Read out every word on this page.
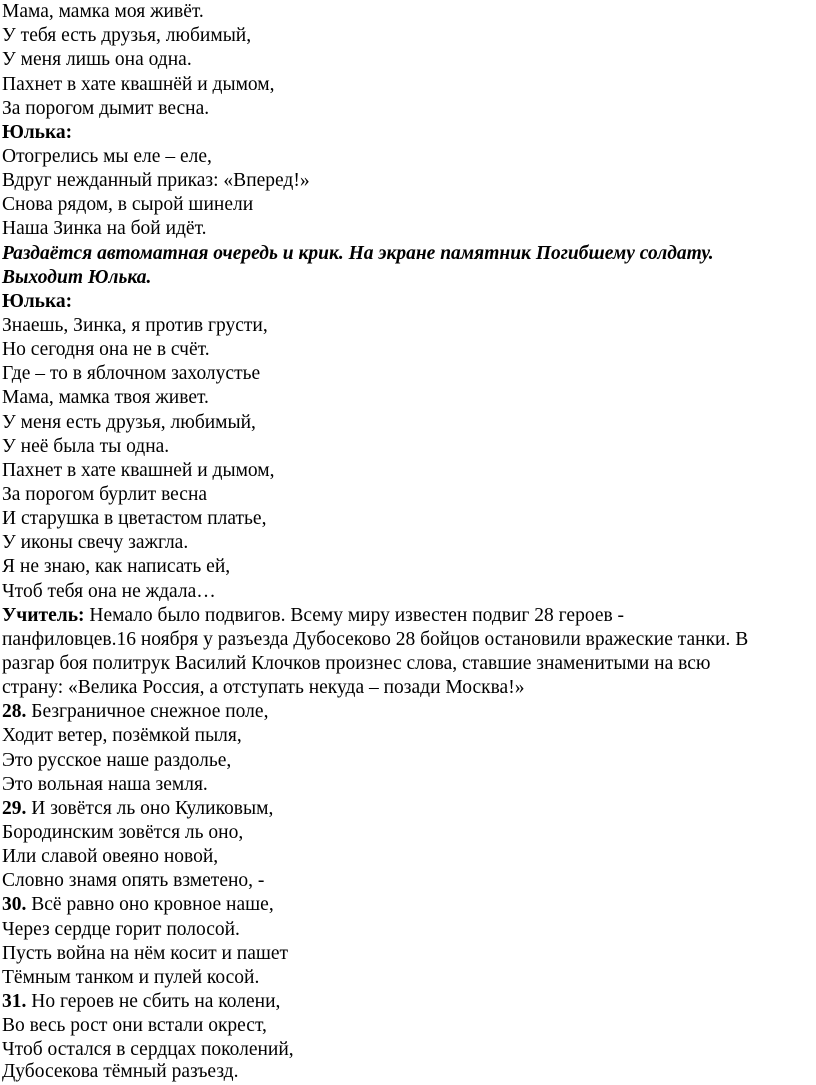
Мама, мамка моя живёт.
У тебя есть друзья, любимый,
У меня лишь она одна.
Пахнет в хате квашнёй и дымом,
За порогом дымит весна.
Юлька:
Отогрелись мы еле – еле,
Вдруг нежданный приказ: «Вперед!»
Снова рядом, в сырой шинели
Наша Зинка на бой идёт.
Раздаётся автоматная очередь и крик. На экране памятник Погибшему солдату.
Выходит Юлька.
Юлька:
Знаешь, Зинка, я против грусти,
Но сегодня она не в счёт.
Где – то в яблочном захолустье
Мама, мамка твоя живет.
У меня есть друзья, любимый,
У неё была ты одна.
Пахнет в хате квашней и дымом,
За порогом бурлит весна
И старушка в цветастом платье,
У иконы свечу зажгла.
Я не знаю, как написать ей,
Чтоб тебя она не ждала…
Учитель: Немало было подвигов. Всему миру известен подвиг 28 героев -
панфиловцев.16 ноября у разъезда Дубосеково 28 бойцов остановили вражеские танки. В
разгар боя политрук Василий Клочков произнес слова, ставшие знаменитыми на всю
страну: «Велика Россия, а отступать некуда – позади Москва!»
28. Безграничное снежное поле,
Ходит ветер, позёмкой пыля,
Это русское наше раздолье,
Это вольная наша земля.
29. И зовётся ль оно Куликовым,
Бородинским зовётся ль оно,
Или славой овеяно новой,
Словно знамя опять взметено, -
30. Всё равно оно кровное наше,
Через сердце горит полосой.
Пусть война на нём косит и пашет
Тёмным танком и пулей косой.
31. Но героев не сбить на колени,
Во весь рост они встали окрест,
Чтоб остался в сердцах поколений,
Дубосекова тёмный разъезд.
